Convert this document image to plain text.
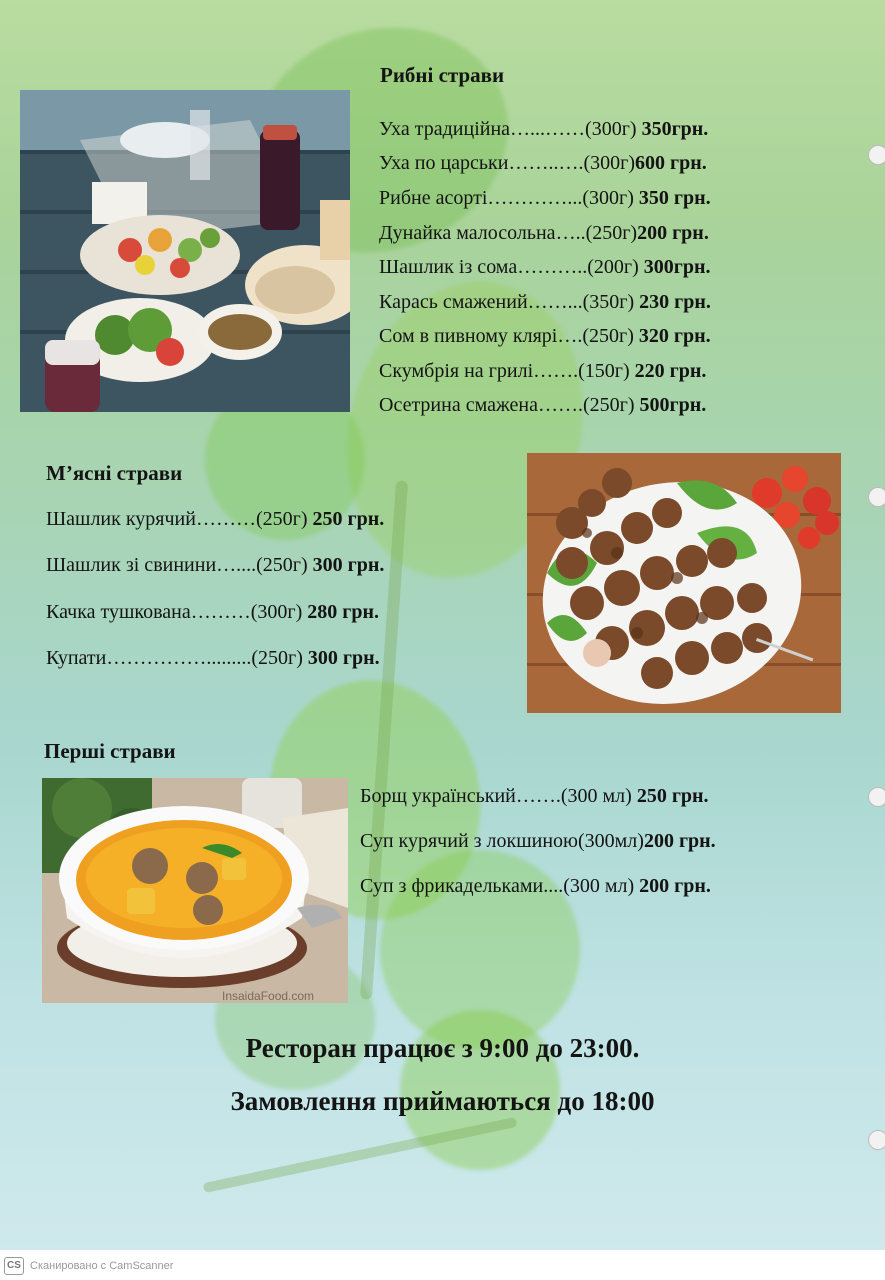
Рибні страви
Уха традиційна…...……(300г) 350грн.
Уха по царськи……..….(300г)600 грн.
Рибне асорті…………...(300г) 350 грн.
Дунайка малосольна…..(250г)200 грн.
Шашлик із сома………..(200г) 300грн.
Карась смажений……...(350г) 230 грн.
Сом в пивному клярі….(250г) 320 грн.
Скумбрія на грилі…….(150г) 220 грн.
Осетрина смажена…….(250г) 500грн.
М’ясні страви
Шашлик курячий………(250г) 250 грн.
Шашлик зі свинини…....(250г) 300 грн.
Качка тушкована………(300г) 280 грн.
Купати…………….........(250г) 300 грн.
Перші страви
InsaidaFood.com
Борщ український…….(300 мл) 250 грн.
Суп курячий з локшиною(300мл)200 грн.
Суп з фрикадельками....(300 мл) 200 грн.
Ресторан працює з 9:00 до 23:00.
Замовлення приймаються до 18:00
CS Сканировано с CamScanner
